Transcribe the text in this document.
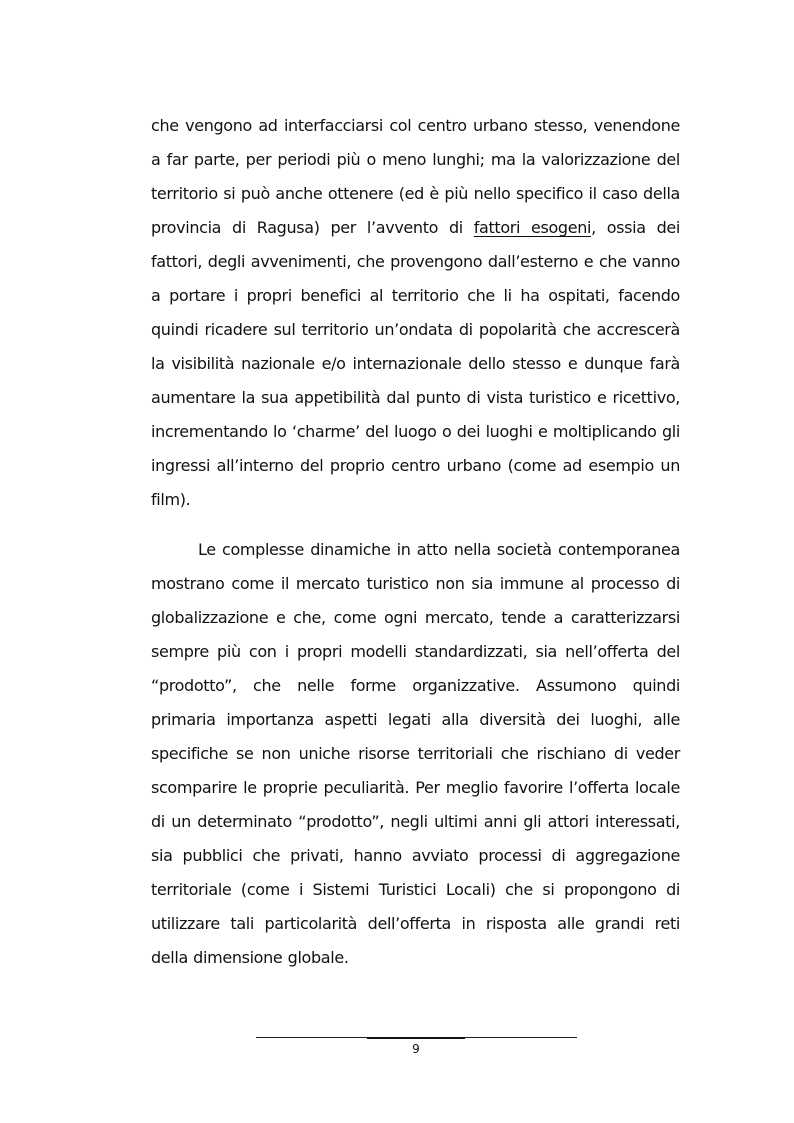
che vengono ad interfacciarsi col centro urbano stesso, venendone a far parte, per periodi più o meno lunghi; ma la valorizzazione del territorio si può anche ottenere (ed è più nello specifico il caso della provincia di Ragusa) per l’avvento di fattori esogeni, ossia dei fattori, degli avvenimenti, che provengono dall’esterno e che vanno a portare i propri benefici al territorio che li ha ospitati, facendo quindi ricadere sul territorio un’ondata di popolarità che accrescerà la visibilità nazionale e/o internazionale dello stesso e dunque farà aumentare la sua appetibilità dal punto di vista turistico e ricettivo, incrementando lo ‘charme’ del luogo o dei luoghi e moltiplicando gli ingressi all’interno del proprio centro urbano (come ad esempio un film).

Le complesse dinamiche in atto nella società contemporanea mostrano come il mercato turistico non sia immune al processo di globalizzazione e che, come ogni mercato, tende a caratterizzarsi sempre più con i propri modelli standardizzati, sia nell’offerta del “prodotto”, che nelle forme organizzative. Assumono quindi primaria importanza aspetti legati alla diversità dei luoghi, alle specifiche se non uniche risorse territoriali che rischiano di veder scomparire le proprie peculiarità. Per meglio favorire l’offerta locale di un determinato “prodotto”, negli ultimi anni gli attori interessati, sia pubblici che privati, hanno avviato processi di aggregazione territoriale (come i Sistemi Turistici Locali) che si propongono di utilizzare tali particolarità dell’offerta in risposta alle grandi reti della dimensione globale.

9
